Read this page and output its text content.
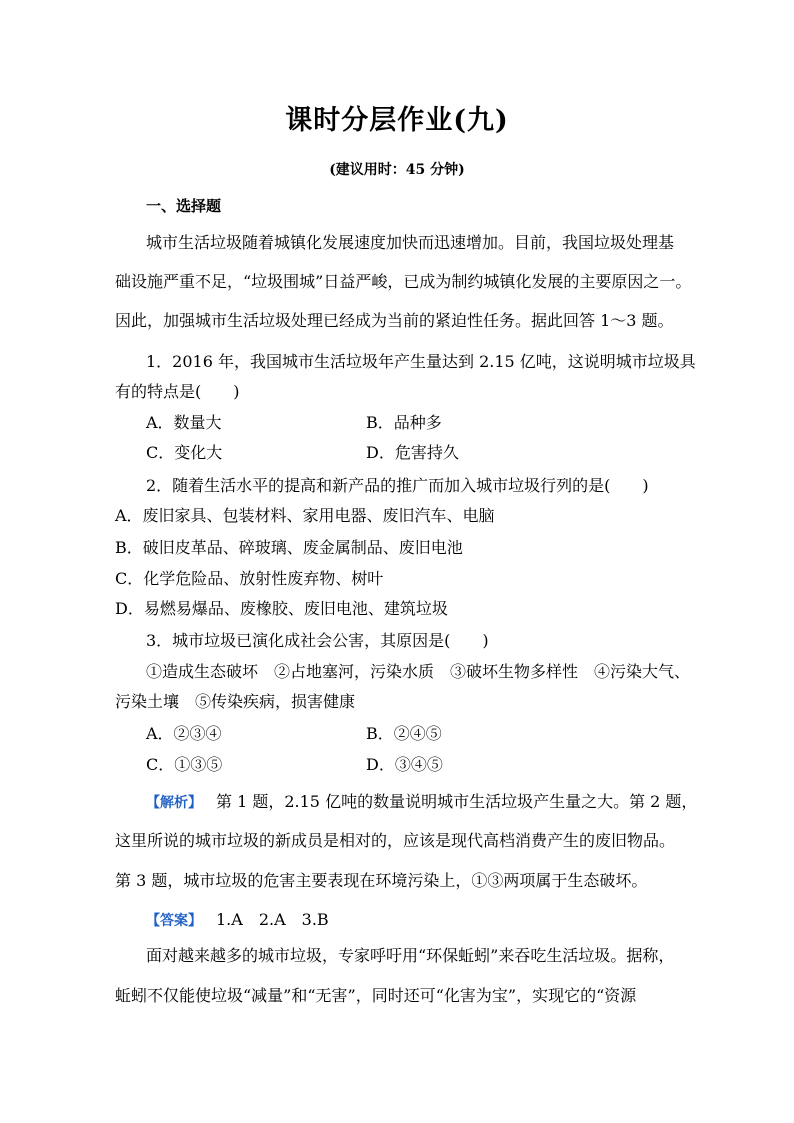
课时分层作业(九)
(建议用时：45 分钟)
一、选择题
城市生活垃圾随着城镇化发展速度加快而迅速增加。目前，我国垃圾处理基
础设施严重不足，“垃圾围城”日益严峻，已成为制约城镇化发展的主要原因之一。
因此，加强城市生活垃圾处理已经成为当前的紧迫性任务。据此回答 1～3 题。
1．2016 年，我国城市生活垃圾年产生量达到 2.15 亿吨，这说明城市垃圾具
有的特点是(　　)
A．数量大	B．品种多
C．变化大	D．危害持久
2．随着生活水平的提高和新产品的推广而加入城市垃圾行列的是(　　)
A．废旧家具、包装材料、家用电器、废旧汽车、电脑
B．破旧皮革品、碎玻璃、废金属制品、废旧电池
C．化学危险品、放射性废弃物、树叶
D．易燃易爆品、废橡胶、废旧电池、建筑垃圾
3．城市垃圾已演化成社会公害，其原因是(　　)
①造成生态破坏　②占地塞河，污染水质　③破坏生物多样性　④污染大气、
污染土壤　⑤传染疾病，损害健康
A．②③④	B．②④⑤
C．①③⑤	D．③④⑤
【解析】 第 1 题，2.15 亿吨的数量说明城市生活垃圾产生量之大。第 2 题，
这里所说的城市垃圾的新成员是相对的，应该是现代高档消费产生的废旧物品。
第 3 题，城市垃圾的危害主要表现在环境污染上，①③两项属于生态破坏。
【答案】 1.A　2.A　3.B
面对越来越多的城市垃圾，专家呼吁用“环保蚯蚓”来吞吃生活垃圾。据称，
蚯蚓不仅能使垃圾“减量”和“无害”，同时还可“化害为宝”，实现它的“资源
